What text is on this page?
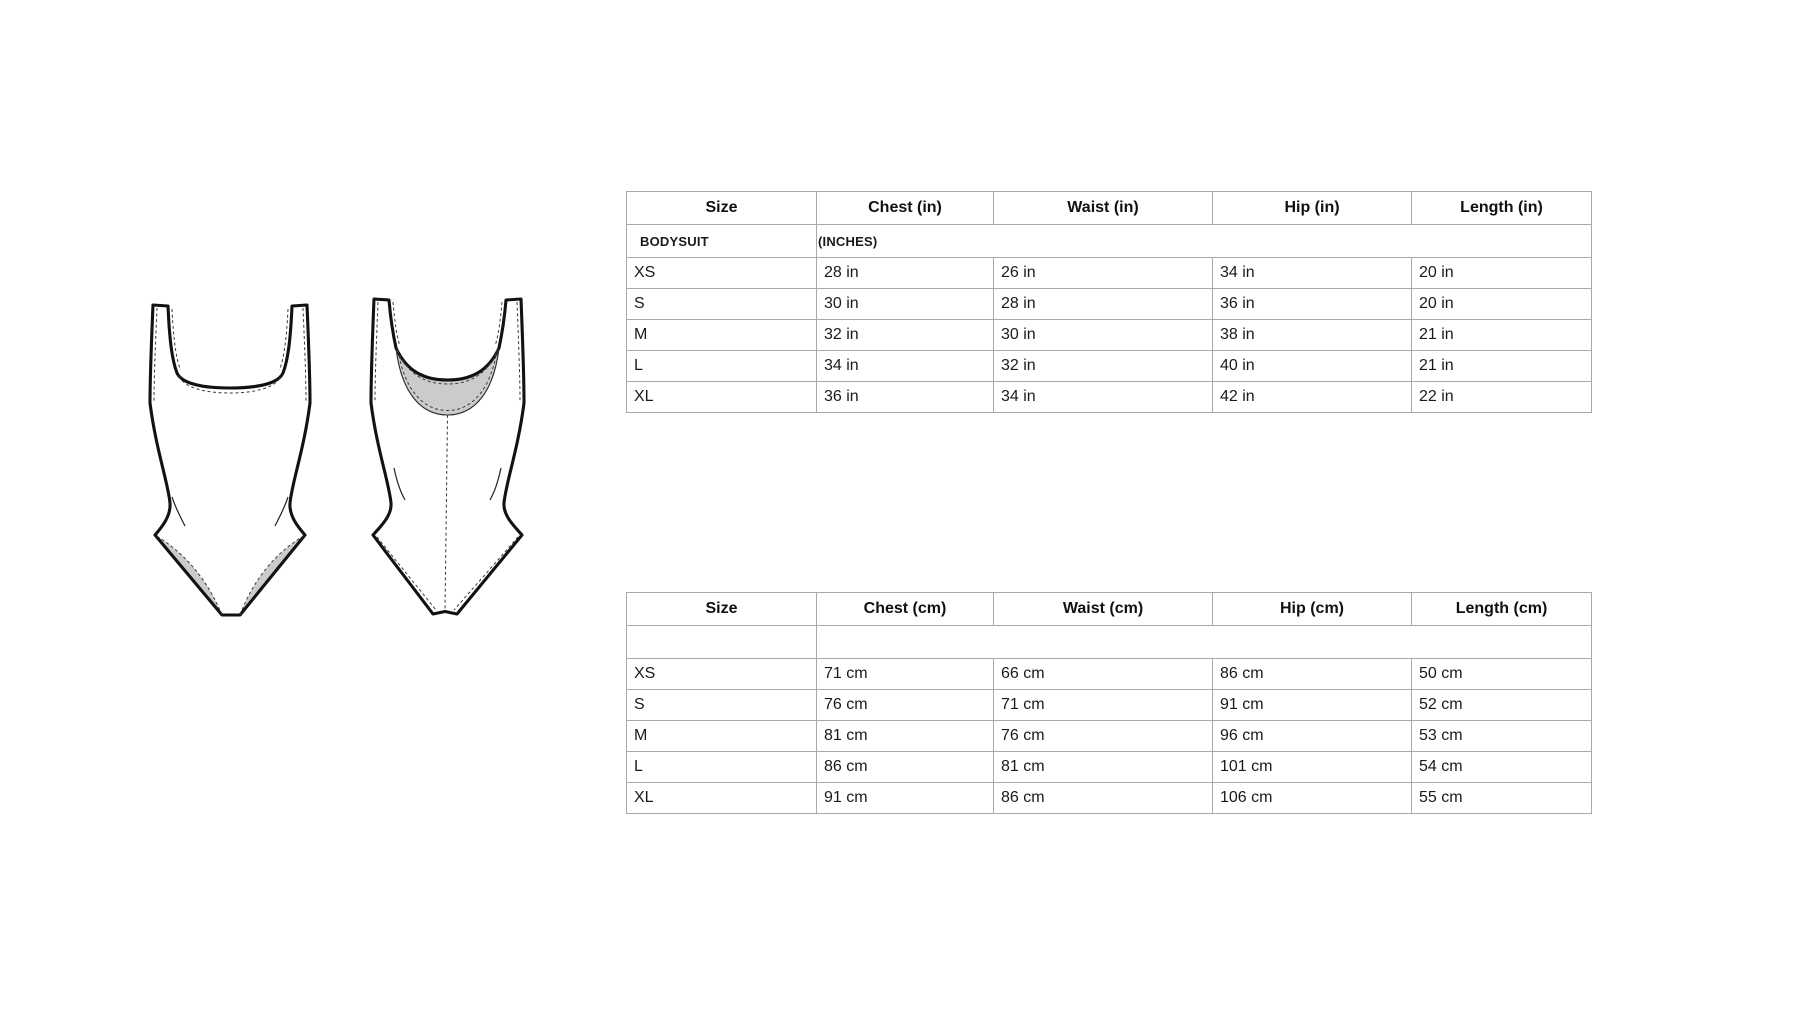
BODYSUIT	(INCHES)			
Size	Chest (in)	Waist (in)	Hip (in)	Length (in)
XS	28 in	26 in	34 in	20 in
S	30 in	28 in	36 in	20 in
M	32 in	30 in	38 in	21 in
L	34 in	32 in	40 in	21 in
XL	36 in	34 in	42 in	22 in

Size	Chest (cm)	Waist (cm)	Hip (cm)	Length (cm)
XS	71 cm	66 cm	86 cm	50 cm
S	76 cm	71 cm	91 cm	52 cm
M	81 cm	76 cm	96 cm	53 cm
L	86 cm	81 cm	101 cm	54 cm
XL	91 cm	86 cm	106 cm	55 cm
